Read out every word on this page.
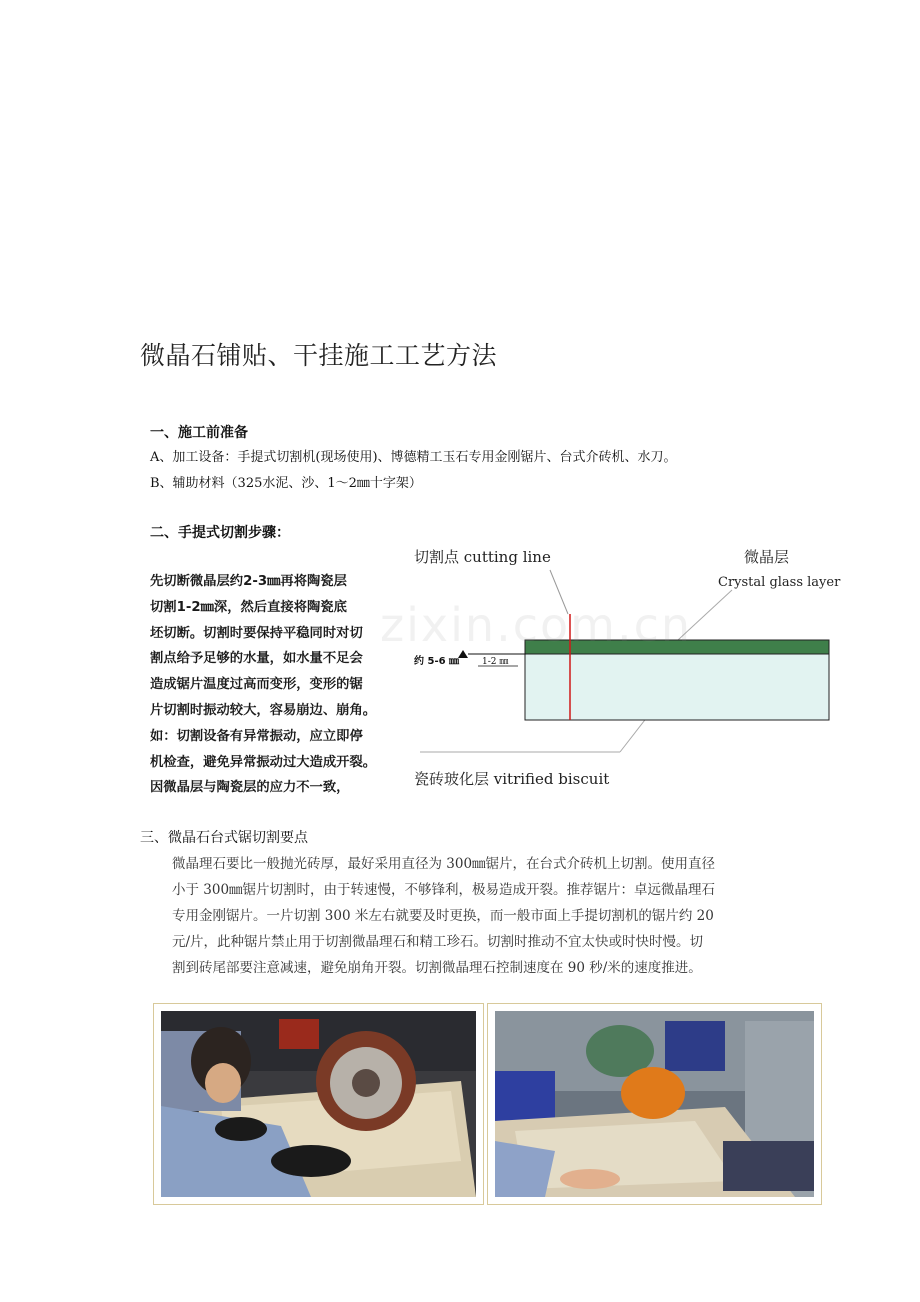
微晶石铺贴、干挂施工工艺方法
一、施工前准备
A、加工设备：手提式切割机(现场使用)、博德精工玉石专用金刚锯片、台式介砖机、水刀。
B、辅助材料（325水泥、沙、1～2㎜十字架）
二、手提式切割步骤：
先切断微晶层约2-3㎜再将陶瓷层
切割1-2㎜深，然后直接将陶瓷底
坯切断。切割时要保持平稳同时对切
割点给予足够的水量，如水量不足会
造成锯片温度过高而变形，变形的锯
片切割时振动较大，容易崩边、崩角。
如：切割设备有异常振动，应立即停
机检查，避免异常振动过大造成开裂。
因微晶层与陶瓷层的应力不一致，
切割点 cutting line	微晶层
Crystal glass layer
约 5-6 ㎜	1-2 ㎜
瓷砖玻化层 vitrified biscuit
zixin.com.cn
三、微晶石台式锯切割要点
微晶理石要比一般抛光砖厚，最好采用直径为 300㎜锯片，在台式介砖机上切割。使用直径
小于 300㎜锯片切割时，由于转速慢，不够锋利，极易造成开裂。推荐锯片：卓远微晶理石
专用金刚锯片。一片切割 300 米左右就要及时更换，而一般市面上手提切割机的锯片约 20
元/片，此种锯片禁止用于切割微晶理石和精工珍石。切割时推动不宜太快或时快时慢。切
割到砖尾部要注意减速，避免崩角开裂。切割微晶理石控制速度在 90 秒/米的速度推进。
